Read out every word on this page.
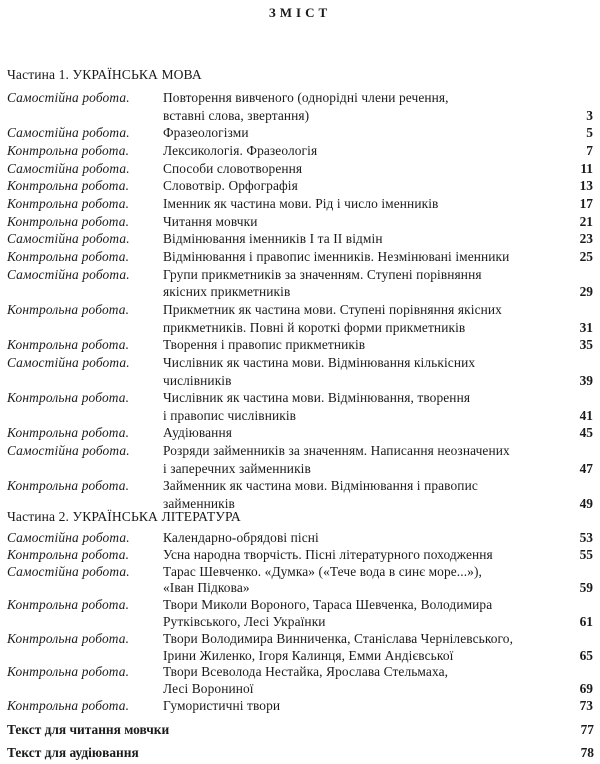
ЗМІСТ
Частина 1. УКРАЇНСЬКА МОВА
Самостійна робота.	Повторення вивченого (однорідні члени речення,
вставні слова, звертання)	3
Самостійна робота.	Фразеологізми	5
Контрольна робота.	Лексикологія. Фразеологія	7
Самостійна робота.	Способи словотворення	11
Контрольна робота.	Словотвір. Орфографія	13
Контрольна робота.	Іменник як частина мови. Рід і число іменників	17
Контрольна робота.	Читання мовчки	21
Самостійна робота.	Відмінювання іменників I та II відмін	23
Контрольна робота.	Відмінювання і правопис іменників. Незмінювані іменники	25
Самостійна робота.	Групи прикметників за значенням. Ступені порівняння
якісних прикметників	29
Контрольна робота.	Прикметник як частина мови. Ступені порівняння якісних
прикметників. Повні й короткі форми прикметників	31
Контрольна робота.	Творення і правопис прикметників	35
Самостійна робота.	Числівник як частина мови. Відмінювання кількісних
числівників	39
Контрольна робота.	Числівник як частина мови. Відмінювання, творення
і правопис числівників	41
Контрольна робота.	Аудіювання	45
Самостійна робота.	Розряди займенників за значенням. Написання неозначених
і заперечних займенників	47
Контрольна робота.	Займенник як частина мови. Відмінювання і правопис
займенників	49
Частина 2. УКРАЇНСЬКА ЛІТЕРАТУРА
Самостійна робота.	Календарно-обрядові пісні	53
Контрольна робота.	Усна народна творчість. Пісні літературного походження	55
Самостійна робота.	Тарас Шевченко. «Думка» («Тече вода в синє море...»),
«Іван Підкова»	59
Контрольна робота.	Твори Миколи Вороного, Тараса Шевченка, Володимира
Рутківського, Лесі Українки	61
Контрольна робота.	Твори Володимира Винниченка, Станіслава Чернілевського,
Ірини Жиленко, Ігоря Калинця, Емми Андієвської	65
Контрольна робота.	Твори Всеволода Нестайка, Ярослава Стельмаха,
Лесі Ворониної	69
Контрольна робота.	Гумористичні твори	73
Текст для читання мовчки	77
Текст для аудіювання	78
